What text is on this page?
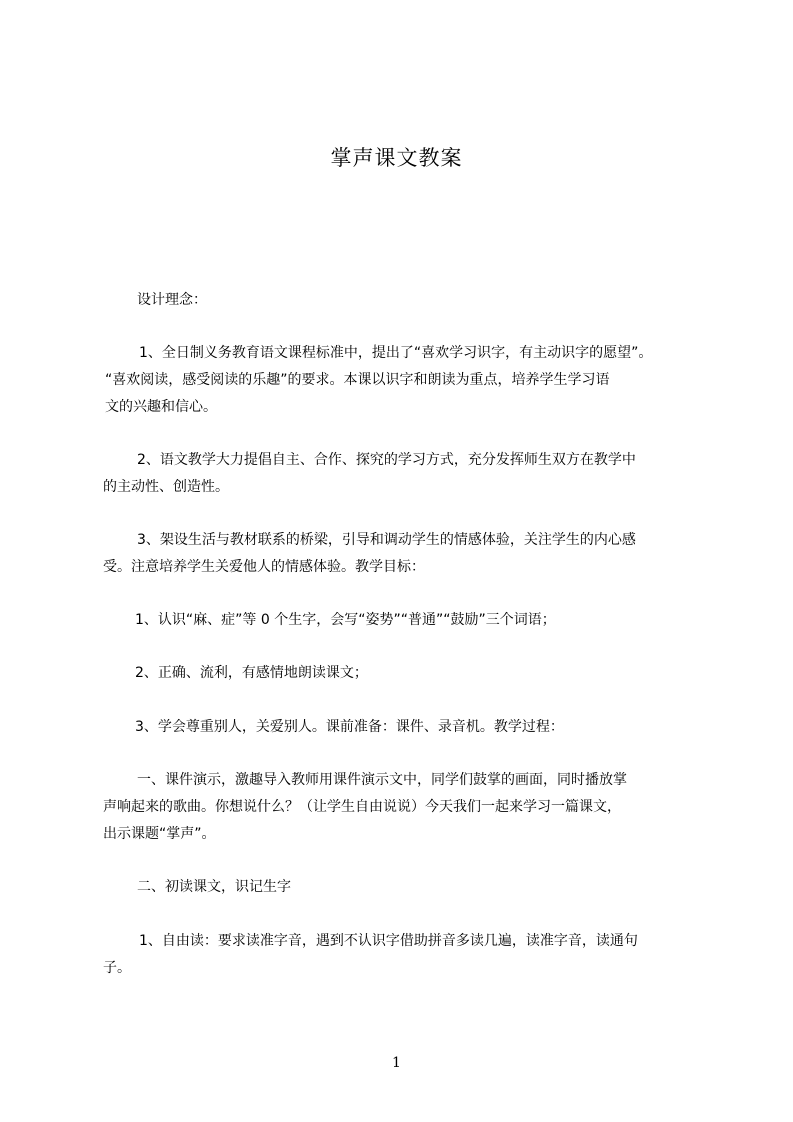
掌声课文教案
设计理念：
1、全日制义务教育语文课程标准中，提出了“喜欢学习识字，有主动识字的愿望”。
“喜欢阅读，感受阅读的乐趣”的要求。本课以识字和朗读为重点，培养学生学习语
文的兴趣和信心。
2、语文教学大力提倡自主、合作、探究的学习方式，充分发挥师生双方在教学中
的主动性、创造性。
3、架设生活与教材联系的桥梁，引导和调动学生的情感体验，关注学生的内心感
受。注意培养学生关爱他人的情感体验。教学目标：
1、认识“麻、症”等 0 个生字，会写“姿势”“普通”“鼓励”三个词语；
2、正确、流利，有感情地朗读课文；
3、学会尊重别人，关爱别人。课前准备：课件、录音机。教学过程：
一、课件演示，激趣导入教师用课件演示文中，同学们鼓掌的画面，同时播放掌
声响起来的歌曲。你想说什么？（让学生自由说说）今天我们一起来学习一篇课文，
出示课题“掌声”。
二、初读课文，识记生字
1、自由读：要求读准字音，遇到不认识字借助拼音多读几遍，读准字音，读通句
子。
1
